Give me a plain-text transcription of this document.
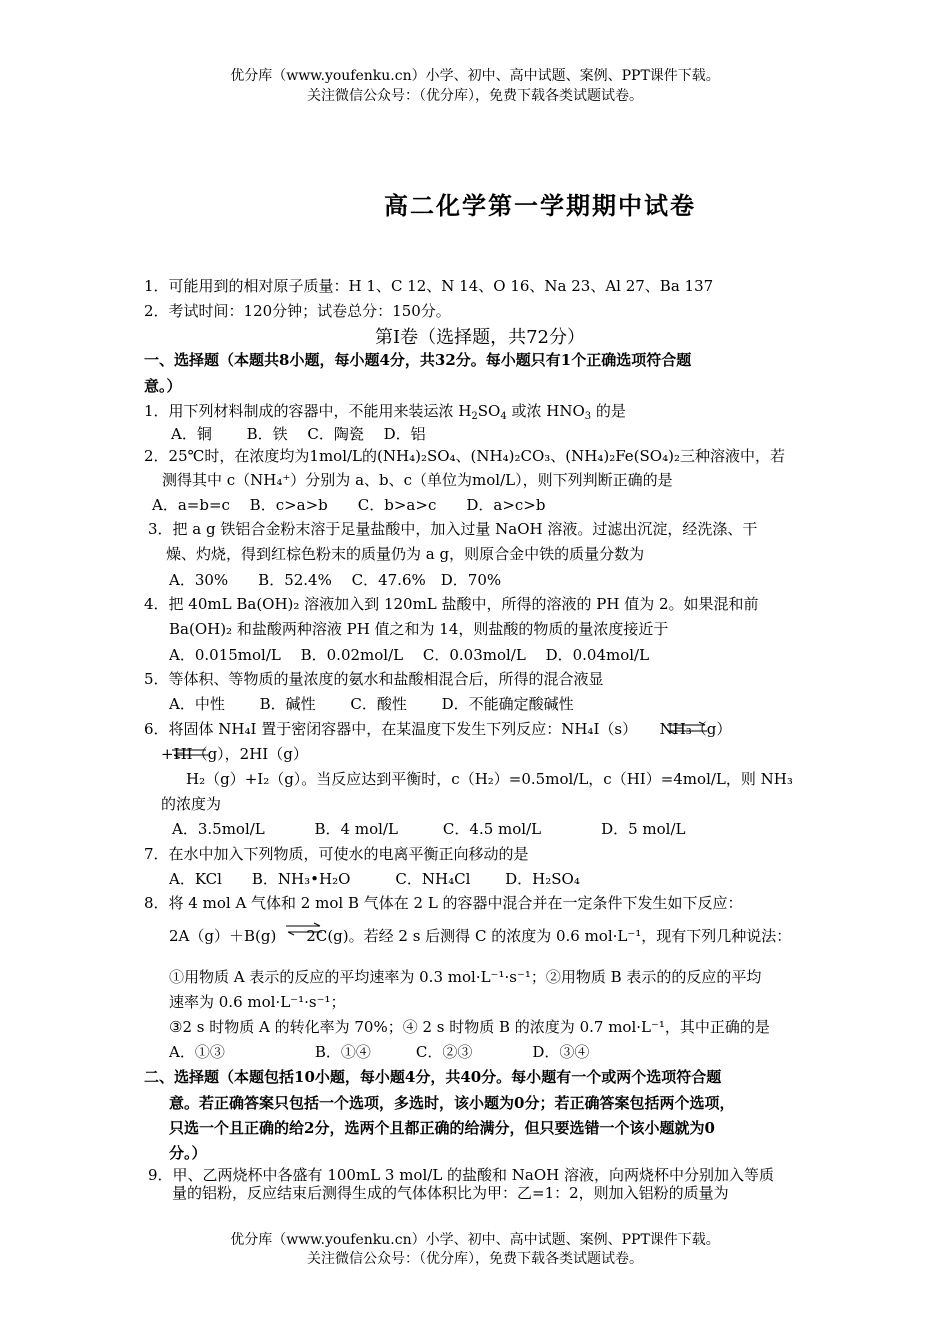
优分库（www.youfenku.cn）小学、初中、高中试题、案例、PPT课件下载。
关注微信公众号：（优分库），免费下载各类试题试卷。
高二化学第一学期期中试卷
1．可能用到的相对原子质量：H 1、C 12、N 14、O 16、Na 23、Al 27、Ba 137
2．考试时间：120分钟；试卷总分：150分。
第Ⅰ卷（选择题，共72分）
一、选择题（本题共8小题，每小题4分，共32分。每小题只有1个正确选项符合题
意。）
1．用下列材料制成的容器中，不能用来装运浓 $H_2SO_4$ 或浓 $HNO_3$ 的是
A．铜　　 B．铁　 C．陶瓷　 D．铝
2．25℃时，在浓度均为1mol/L的(NH₄)₂SO₄、(NH₄)₂CO₃、(NH₄)₂Fe(SO₄)₂三种溶液中，若
测得其中 c（NH₄⁺）分别为 a、b、c（单位为mol/L），则下列判断正确的是
A．a=b=c　 B．c>a>b　　C．b>a>c　　D．a>c>b
3．把 a g 铁铝合金粉末溶于足量盐酸中，加入过量 NaOH 溶液。过滤出沉淀，经洗涤、干
燥、灼烧，得到红棕色粉末的质量仍为 a g，则原合金中铁的质量分数为
A．30%　　B．52.4%　 C．47.6%　D．70%
4．把 40mL Ba(OH)₂ 溶液加入到 120mL 盐酸中，所得的溶液的 PH 值为 2。如果混和前
Ba(OH)₂ 和盐酸两种溶液 PH 值之和为 14，则盐酸的物质的量浓度接近于
A．0.015mol/L　 B．0.02mol/L　 C．0.03mol/L　 D．0.04mol/L
5．等体积、等物质的量浓度的氨水和盐酸相混合后，所得的混合液显
A．中性　　 B．碱性　　 C．酸性　　 D．不能确定酸碱性
6．将固体 NH₄I 置于密闭容器中，在某温度下发生下列反应：NH₄I（s）　　NH₃（g）
+HI（g），2HI（g）
H₂（g）+I₂（g）。当反应达到平衡时，c（H₂）=0.5mol/L，c（HI）=4mol/L，则 NH₃
的浓度为
A．3.5mol/L　　　 B．4 mol/L　　　C．4.5 mol/L　　　　D．5 mol/L
7．在水中加入下列物质，可使水的电离平衡正向移动的是
A．KCl　　B．NH₃•H₂O　　　C．NH₄Cl　　 D．H₂SO₄
8．将 4 mol A 气体和 2 mol B 气体在 2 L 的容器中混合并在一定条件下发生如下反应：
2A（g）＋B(g)　　2C(g)。若经 2 s 后测得 C 的浓度为 0.6 mol·L⁻¹，现有下列几种说法：
①用物质 A 表示的反应的平均速率为 0.3 mol·L⁻¹·s⁻¹；②用物质 B 表示的的反应的平均
速率为 0.6 mol·L⁻¹·s⁻¹；
③2 s 时物质 A 的转化率为 70%；④ 2 s 时物质 B 的浓度为 0.7 mol·L⁻¹，其中正确的是
A．①③　　　　　　B．①④　　　C．②③　　　　D．③④
二、选择题（本题包括10小题，每小题4分，共40分。每小题有一个或两个选项符合题
意。若正确答案只包括一个选项，多选时，该小题为0分；若正确答案包括两个选项，
只选一个且正确的给2分，选两个且都正确的给满分，但只要选错一个该小题就为0
分。）
9．甲、乙两烧杯中各盛有 100mL 3 mol/L 的盐酸和 NaOH 溶液，向两烧杯中分别加入等质
量的铝粉，反应结束后测得生成的气体体积比为甲：乙=1：2，则加入铝粉的质量为
优分库（www.youfenku.cn）小学、初中、高中试题、案例、PPT课件下载。
关注微信公众号：（优分库），免费下载各类试题试卷。
